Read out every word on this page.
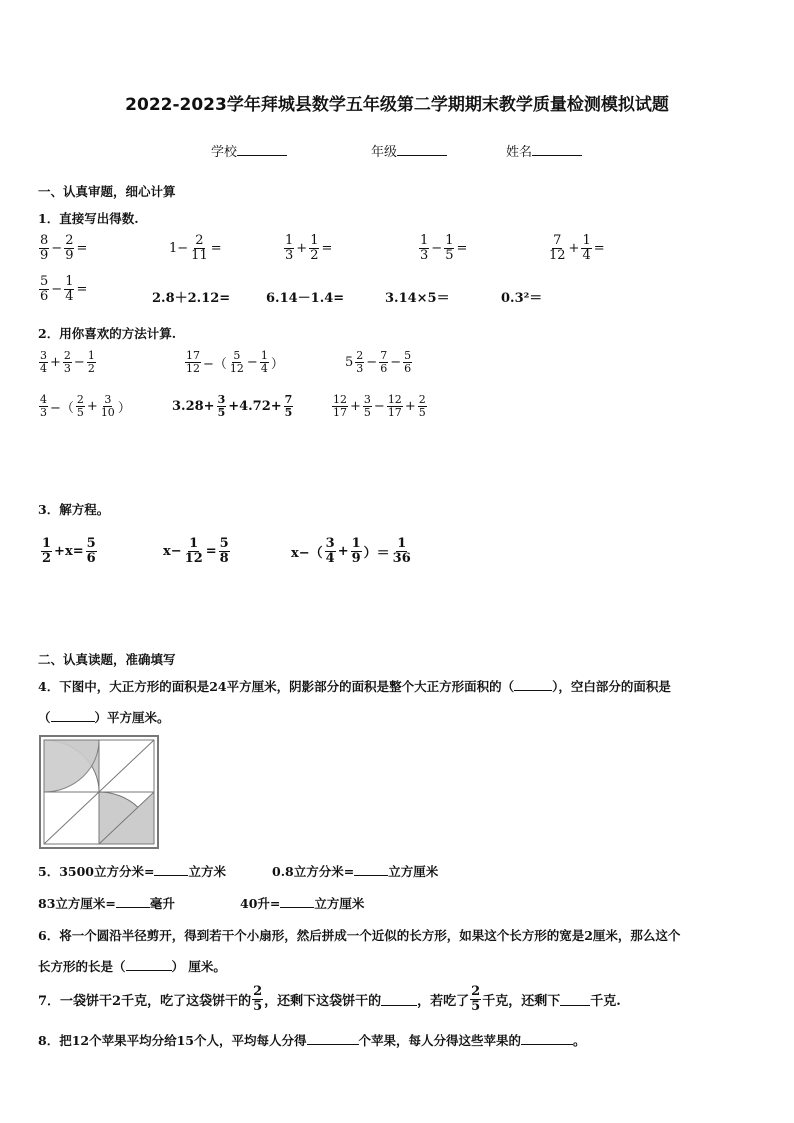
2022-2023学年拜城县数学五年级第二学期期末教学质量检测模拟试题
学校	年级	姓名
一、认真审题，细心计算
1．直接写出得数.
$\frac{8}{9} - \frac{2}{9}$ =	$1- \frac{2}{11}$ =	$\frac{1}{3} + \frac{1}{2}$ =	$\frac{1}{3} - \frac{1}{5}$ =	$\frac{7}{12} + \frac{1}{4}$ =
$\frac{5}{6} - \frac{1}{4}$ =
2.8＋2.12=	6.14－1.4=	3.14×5＝	0.3²＝
2．用你喜欢的方法计算.
$\frac{3}{4} + \frac{2}{3} - \frac{1}{2}$	$\frac{17}{12}$ −（ $\frac{5}{12} - \frac{1}{4}$ ）	$5 \frac{2}{3} - \frac{7}{6} - \frac{5}{6}$
$\frac{4}{3}$ −（ $\frac{2}{5} + \frac{3}{10}$ ）	$3.28+ \frac{3}{5} +4.72+ \frac{7}{5}$	$\frac{12}{17} + \frac{3}{5} - \frac{12}{17} + \frac{2}{5}$
3．解方程。
$\frac{1}{2} +x= \frac{5}{6}$	$x- \frac{1}{12} = \frac{5}{8}$	$x-( \frac{3}{4} + \frac{1}{9}$ ）＝ $\frac{1}{36}$
二、认真读题，准确填写
4．下图中，大正方形的面积是24平方厘米，阴影部分的面积是整个大正方形面积的（	），空白部分的面积是
（	）平方厘米。
5．3500立方分米=	立方米	0.8立方分米=	立方厘米
83立方厘米=	毫升	40升=	立方厘米
6．将一个圆沿半径剪开，得到若干个小扇形，然后拼成一个近似的长方形，如果这个长方形的宽是2厘米，那么这个
长方形的长是（	） 厘米。
7．一袋饼干2千克，吃了这袋饼干的 $\frac{2}{5}$ ，还剩下这袋饼干的	，若吃了 $\frac{2}{5}$ 千克，还剩下 千克.
8．把12个苹果平均分给15个人，平均每人分得	个苹果，每人分得这些苹果的	。
